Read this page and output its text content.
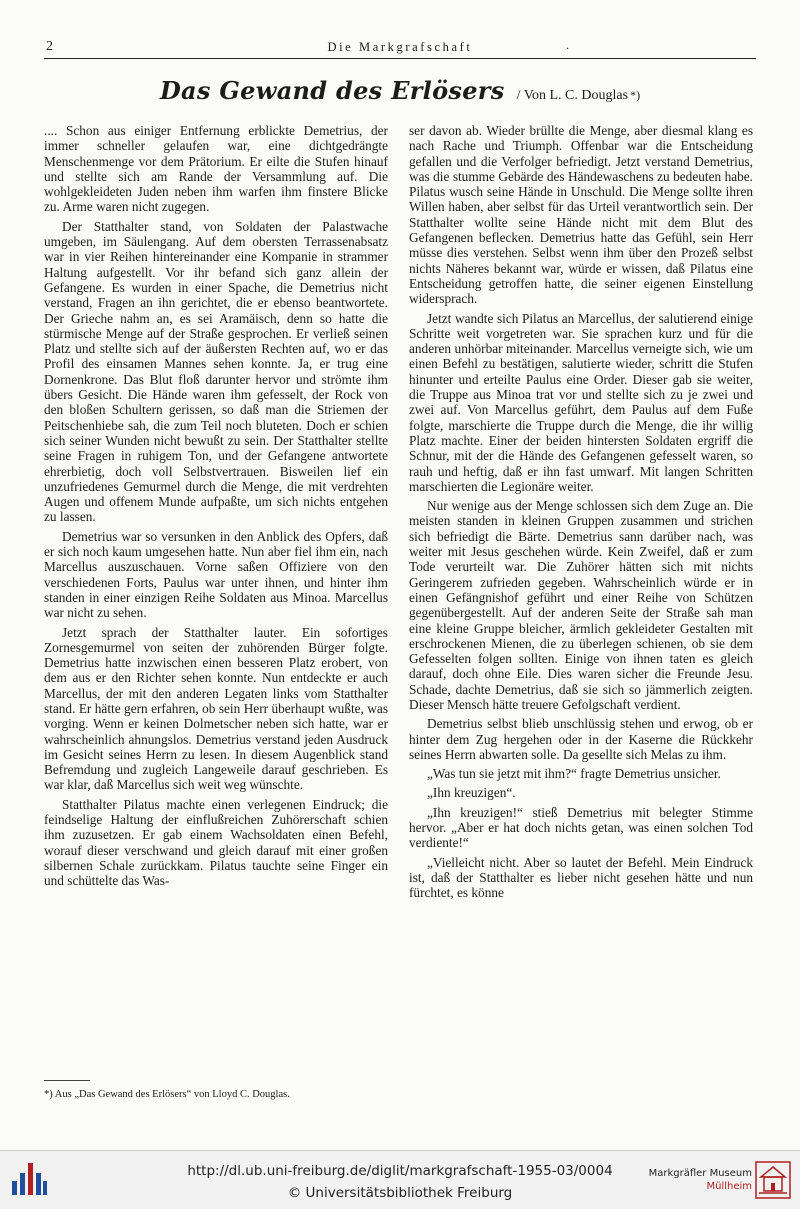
2	Die Markgrafschaft	.
Das Gewand des Erlösers / Von L. C. Douglas *)

.... Schon aus einiger Entfernung erblickte Demetrius, der immer schneller gelaufen war, eine dichtgedrängte Menschenmenge vor dem Prätorium. Er eilte die Stufen hinauf und stellte sich am Rande der Versammlung auf. Die wohlgekleideten Juden neben ihm warfen ihm finstere Blicke zu. Arme waren nicht zugegen.

Der Statthalter stand, von Soldaten der Palastwache umgeben, im Säulengang. Auf dem obersten Terrassenabsatz war in vier Reihen hintereinander eine Kompanie in strammer Haltung aufgestellt. Vor ihr befand sich ganz allein der Gefangene. Es wurden in einer Spache, die Demetrius nicht verstand, Fragen an ihn gerichtet, die er ebenso beantwortete. Der Grieche nahm an, es sei Aramäisch, denn so hatte die stürmische Menge auf der Straße gesprochen. Er verließ seinen Platz und stellte sich auf der äußersten Rechten auf, wo er das Profil des einsamen Mannes sehen konnte. Ja, er trug eine Dornenkrone. Das Blut floß darunter hervor und strömte ihm übers Gesicht. Die Hände waren ihm gefesselt, der Rock von den bloßen Schultern gerissen, so daß man die Striemen der Peitschenhiebe sah, die zum Teil noch bluteten. Doch er schien sich seiner Wunden nicht bewußt zu sein. Der Statthalter stellte seine Fragen in ruhigem Ton, und der Gefangene antwortete ehrerbietig, doch voll Selbstvertrauen. Bisweilen lief ein unzufriedenes Gemurmel durch die Menge, die mit verdrehten Augen und offenem Munde aufpaßte, um sich nichts entgehen zu lassen.

Demetrius war so versunken in den Anblick des Opfers, daß er sich noch kaum umgesehen hatte. Nun aber fiel ihm ein, nach Marcellus auszuschauen. Vorne saßen Offiziere von den verschiedenen Forts, Paulus war unter ihnen, und hinter ihm standen in einer einzigen Reihe Soldaten aus Minoa. Marcellus war nicht zu sehen.

Jetzt sprach der Statthalter lauter. Ein sofortiges Zornesgemurmel von seiten der zuhörenden Bürger folgte. Demetrius hatte inzwischen einen besseren Platz erobert, von dem aus er den Richter sehen konnte. Nun entdeckte er auch Marcellus, der mit den anderen Legaten links vom Statthalter stand. Er hätte gern erfahren, ob sein Herr überhaupt wußte, was vorging. Wenn er keinen Dolmetscher neben sich hatte, war er wahrscheinlich ahnungslos. Demetrius verstand jeden Ausdruck im Gesicht seines Herrn zu lesen. In diesem Augenblick stand Befremdung und zugleich Langeweile darauf geschrieben. Es war klar, daß Marcellus sich weit weg wünschte.

Statthalter Pilatus machte einen verlegenen Eindruck; die feindselige Haltung der einflußreichen Zuhörerschaft schien ihm zuzusetzen. Er gab einem Wachsoldaten einen Befehl, worauf dieser verschwand und gleich darauf mit einer großen silbernen Schale zurückkam. Pilatus tauchte seine Finger ein und schüttelte das Was-

ser davon ab. Wieder brüllte die Menge, aber diesmal klang es nach Rache und Triumph. Offenbar war die Entscheidung gefallen und die Verfolger befriedigt. Jetzt verstand Demetrius, was die stumme Gebärde des Händewaschens zu bedeuten habe. Pilatus wusch seine Hände in Unschuld. Die Menge sollte ihren Willen haben, aber selbst für das Urteil verantwortlich sein. Der Statthalter wollte seine Hände nicht mit dem Blut des Gefangenen beflecken. Demetrius hatte das Gefühl, sein Herr müsse dies verstehen. Selbst wenn ihm über den Prozeß selbst nichts Näheres bekannt war, würde er wissen, daß Pilatus eine Entscheidung getroffen hatte, die seiner eigenen Einstellung widersprach.

Jetzt wandte sich Pilatus an Marcellus, der salutierend einige Schritte weit vorgetreten war. Sie sprachen kurz und für die anderen unhörbar miteinander. Marcellus verneigte sich, wie um einen Befehl zu bestätigen, salutierte wieder, schritt die Stufen hinunter und erteilte Paulus eine Order. Dieser gab sie weiter, die Truppe aus Minoa trat vor und stellte sich zu je zwei und zwei auf. Von Marcellus geführt, dem Paulus auf dem Fuße folgte, marschierte die Truppe durch die Menge, die ihr willig Platz machte. Einer der beiden hintersten Soldaten ergriff die Schnur, mit der die Hände des Gefangenen gefesselt waren, so rauh und heftig, daß er ihn fast umwarf. Mit langen Schritten marschierten die Legionäre weiter.

Nur wenige aus der Menge schlossen sich dem Zuge an. Die meisten standen in kleinen Gruppen zusammen und strichen sich befriedigt die Bärte. Demetrius sann darüber nach, was weiter mit Jesus geschehen würde. Kein Zweifel, daß er zum Tode verurteilt war. Die Zuhörer hätten sich mit nichts Geringerem zufrieden gegeben. Wahrscheinlich würde er in einen Gefängnishof geführt und einer Reihe von Schützen gegenübergestellt. Auf der anderen Seite der Straße sah man eine kleine Gruppe bleicher, ärmlich gekleideter Gestalten mit erschrockenen Mienen, die zu überlegen schienen, ob sie dem Gefesselten folgen sollten. Einige von ihnen taten es gleich darauf, doch ohne Eile. Dies waren sicher die Freunde Jesu. Schade, dachte Demetrius, daß sie sich so jämmerlich zeigten. Dieser Mensch hätte treuere Gefolgschaft verdient.

Demetrius selbst blieb unschlüssig stehen und erwog, ob er hinter dem Zug hergehen oder in der Kaserne die Rückkehr seines Herrn abwarten solle. Da gesellte sich Melas zu ihm.

„Was tun sie jetzt mit ihm?“ fragte Demetrius unsicher.

„Ihn kreuzigen“.

„Ihn kreuzigen!“ stieß Demetrius mit belegter Stimme hervor. „Aber er hat doch nichts getan, was einen solchen Tod verdiente!“

„Vielleicht nicht. Aber so lautet der Befehl. Mein Eindruck ist, daß der Statthalter es lieber nicht gesehen hätte und nun fürchtet, es könne

*) Aus „Das Gewand des Erlösers“ von Lloyd C. Douglas.
http://dl.ub.uni-freiburg.de/diglit/markgrafschaft-1955-03/0004
© Universitätsbibliothek Freiburg
Markgräfler Museum
Müllheim
